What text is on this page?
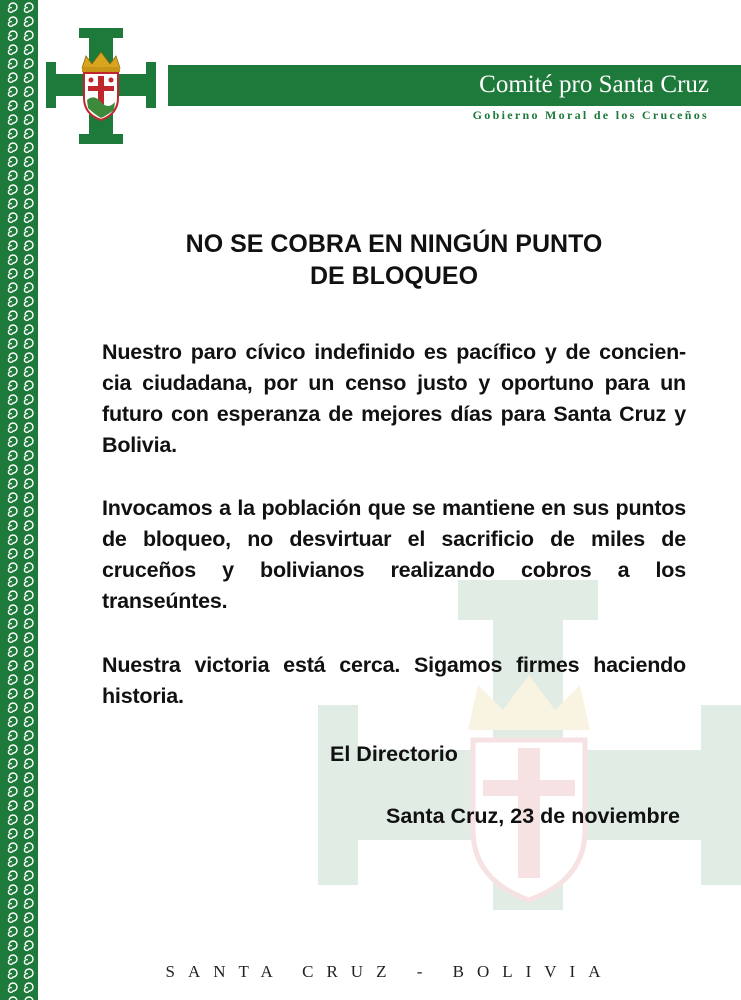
Comité pro Santa Cruz
Gobierno Moral de los Cruceños
NO SE COBRA EN NINGÚN PUNTO
DE BLOQUEO

Nuestro paro cívico indefinido es pacífico y de concien-cia ciudadana, por un censo justo y oportuno para un futuro con esperanza de mejores días para Santa Cruz y Bolivia.

Invocamos a la población que se mantiene en sus puntos de bloqueo, no desvirtuar el sacrificio de miles de cruceños y bolivianos realizando cobros a los transeúntes.

Nuestra victoria está cerca. Sigamos firmes haciendo historia.

El Directorio

Santa Cruz, 23 de noviembre

SANTA CRUZ - BOLIVIA
